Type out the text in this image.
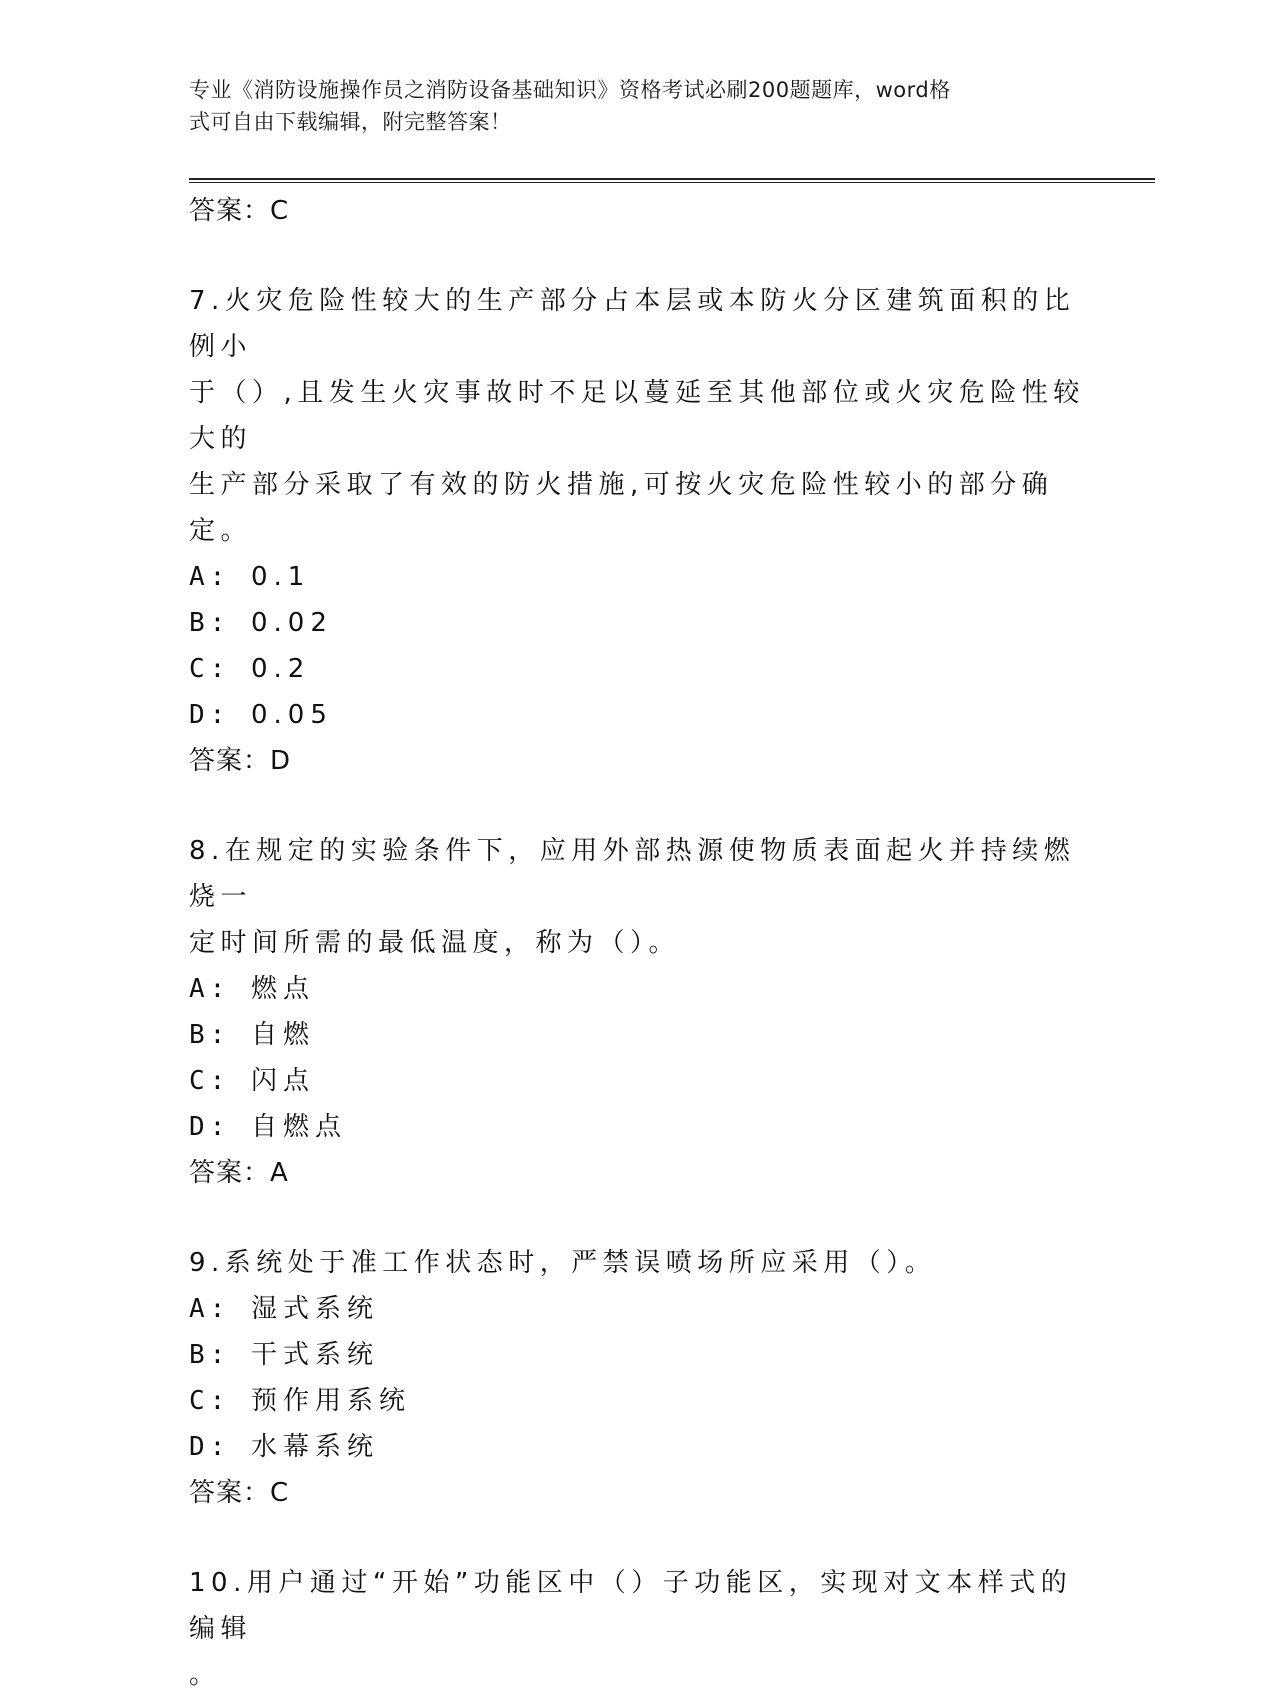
专业《消防设施操作员之消防设备基础知识》资格考试必刷200题题库，word格
式可自由下载编辑，附完整答案！
答案：C
7.火灾危险性较大的生产部分占本层或本防火分区建筑面积的比例小
于（）,且发生火灾事故时不足以蔓延至其他部位或火灾危险性较大的
生产部分采取了有效的防火措施,可按火灾危险性较小的部分确定。
A: 0.1
B: 0.02
C: 0.2
D: 0.05
答案：D
8.在规定的实验条件下，应用外部热源使物质表面起火并持续燃烧一
定时间所需的最低温度，称为（）。
A: 燃点
B: 自燃
C: 闪点
D: 自燃点
答案：A
9.系统处于准工作状态时，严禁误喷场所应采用（）。
A: 湿式系统
B: 干式系统
C: 预作用系统
D: 水幕系统
答案：C
10.用户通过“开始”功能区中（）子功能区，实现对文本样式的编辑
。
